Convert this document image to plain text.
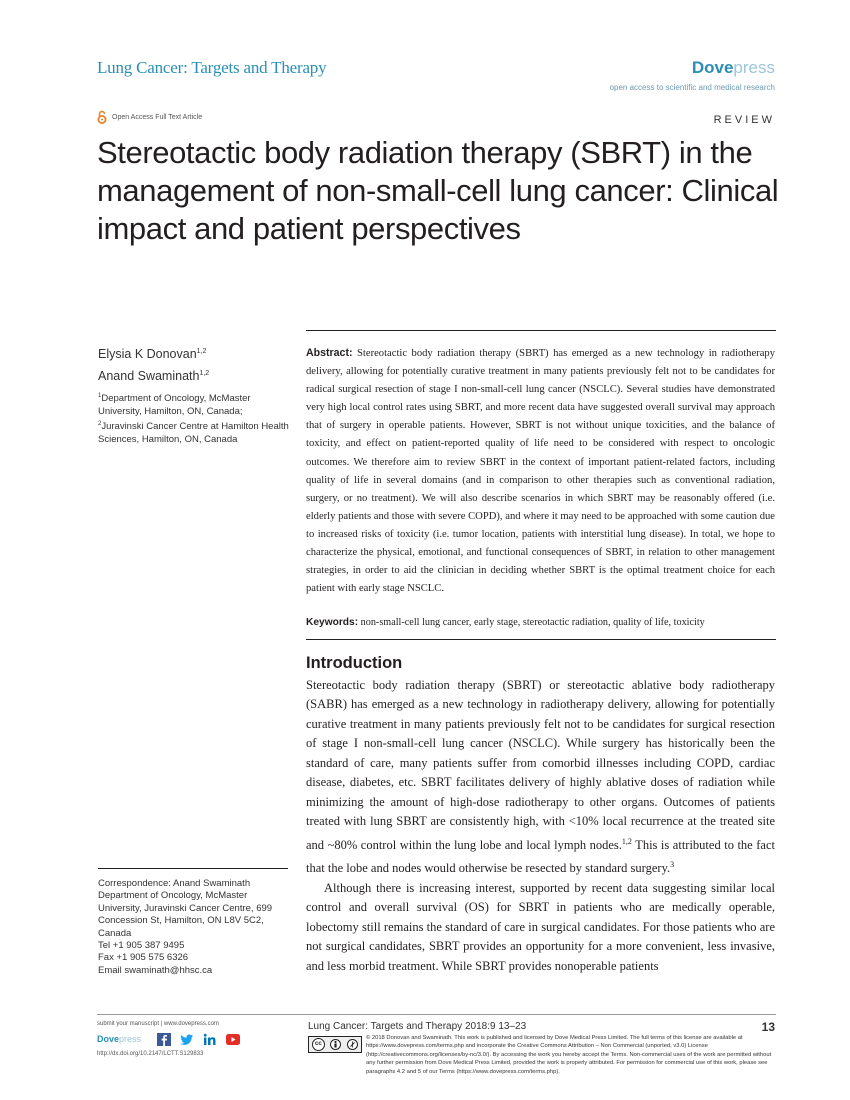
Lung Cancer: Targets and Therapy	Dovepress
open access to scientific and medical research
Open Access Full Text Article	REVIEW
Stereotactic body radiation therapy (SBRT) in the management of non-small-cell lung cancer: Clinical impact and patient perspectives
Elysia K Donovan$^{1,2}$
Anand Swaminath$^{1,2}$
$^1$Department of Oncology, McMaster University, Hamilton, ON, Canada;
$^2$Juravinski Cancer Centre at Hamilton Health Sciences, Hamilton, ON, Canada
Correspondence: Anand Swaminath
Department of Oncology, McMaster University, Juravinski Cancer Centre, 699 Concession St, Hamilton, ON L8V 5C2, Canada
Tel +1 905 387 9495
Fax +1 905 575 6326
Email swaminath@hhsc.ca
Abstract: Stereotactic body radiation therapy (SBRT) has emerged as a new technology in radiotherapy delivery, allowing for potentially curative treatment in many patients previously felt not to be candidates for radical surgical resection of stage I non-small-cell lung cancer (NSCLC). Several studies have demonstrated very high local control rates using SBRT, and more recent data have suggested overall survival may approach that of surgery in operable patients. However, SBRT is not without unique toxicities, and the balance of toxicity, and effect on patient-reported quality of life need to be considered with respect to oncologic outcomes. We therefore aim to review SBRT in the context of important patient-related factors, including quality of life in several domains (and in comparison to other therapies such as conventional radiation, surgery, or no treatment). We will also describe scenarios in which SBRT may be reasonably offered (i.e. elderly patients and those with severe COPD), and where it may need to be approached with some caution due to increased risks of toxicity (i.e. tumor location, patients with interstitial lung disease). In total, we hope to characterize the physical, emotional, and functional consequences of SBRT, in relation to other management strategies, in order to aid the clinician in deciding whether SBRT is the optimal treatment choice for each patient with early stage NSCLC.
Keywords: non-small-cell lung cancer, early stage, stereotactic radiation, quality of life, toxicity
Introduction

Stereotactic body radiation therapy (SBRT) or stereotactic ablative body radiotherapy (SABR) has emerged as a new technology in radiotherapy delivery, allowing for potentially curative treatment in many patients previously felt not to be candidates for surgical resection of stage I non-small-cell lung cancer (NSCLC). While surgery has historically been the standard of care, many patients suffer from comorbid illnesses including COPD, cardiac disease, diabetes, etc. SBRT facilitates delivery of highly ablative doses of radiation while minimizing the amount of high-dose radiotherapy to other organs. Outcomes of patients treated with lung SBRT are consistently high, with <10% local recurrence at the treated site and ~80% control within the lung lobe and local lymph nodes.$^{1,2}$ This is attributed to the fact that the lobe and nodes would otherwise be resected by standard surgery.$^3$

Although there is increasing interest, supported by recent data suggesting similar local control and overall survival (OS) for SBRT in patients who are medically operable, lobectomy still remains the standard of care in surgical candidates. For those patients who are not surgical candidates, SBRT provides an opportunity for a more convenient, less invasive, and less morbid treatment. While SBRT provides nonoperable patients

submit your manuscript | www.dovepress.com
Dovepress
http://dx.doi.org/10.2147/LCTT.S129833
Lung Cancer: Targets and Therapy 2018:9 13–23	13
cc
© 2018 Donovan and Swaminath. This work is published and licensed by Dove Medical Press Limited. The full terms of this license are available at https://www.dovepress.com/terms.php and incorporate the Creative Commons Attribution – Non Commercial (unported, v3.0) License (http://creativecommons.org/licenses/by-nc/3.0/). By accessing the work you hereby accept the Terms. Non-commercial uses of the work are permitted without any further permission from Dove Medical Press Limited, provided the work is properly attributed. For permission for commercial use of this work, please see paragraphs 4.2 and 5 of our Terms (https://www.dovepress.com/terms.php).
